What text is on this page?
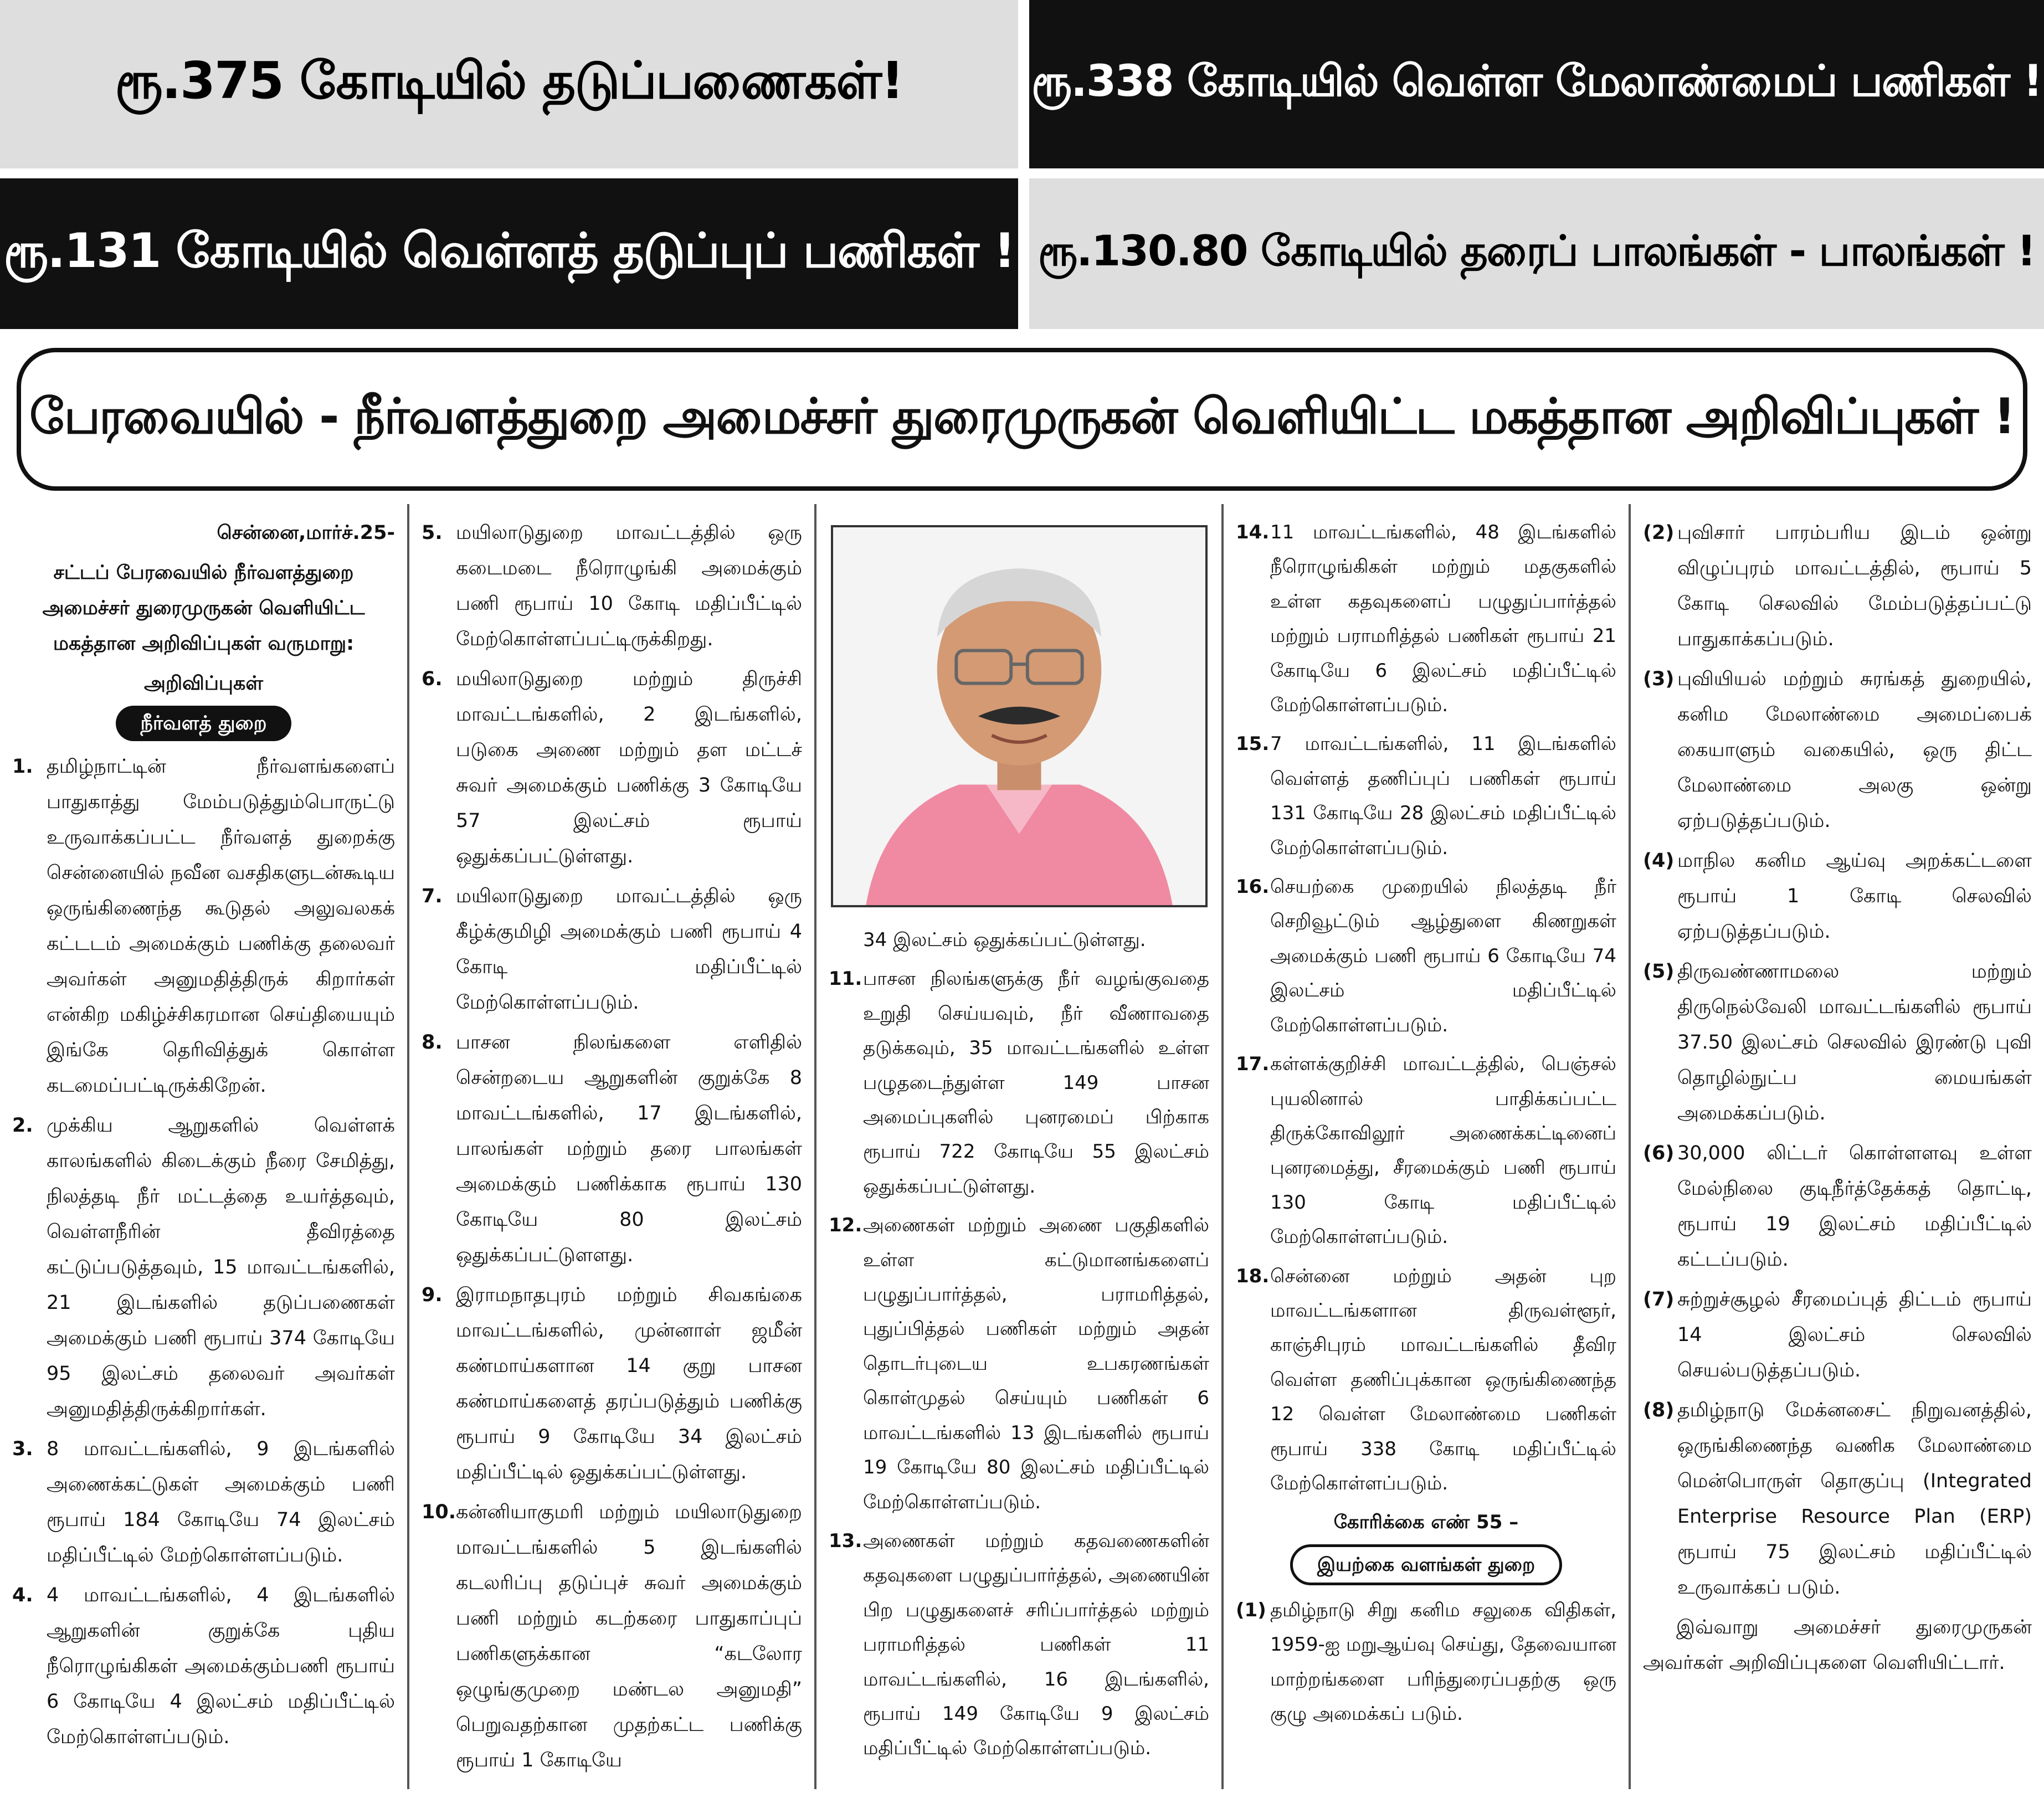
ரூ.375 கோடியில் தடுப்பணைகள்!	ரூ.338 கோடியில் வெள்ள மேலாண்மைப் பணிகள் !
ரூ.131 கோடியில் வெள்ளத் தடுப்புப் பணிகள் ! ரூ.130.80 கோடியில் தரைப் பாலங்கள் - பாலங்கள் !
பேரவையில் - நீர்வளத்துறை அமைச்சர் துரைமுருகன் வெளியிட்ட மகத்தான அறிவிப்புகள் !

சென்னை,மார்ச்.25-

சட்டப் பேரவையில் நீர்வளத்துறை அமைச்சர் துரைமுருகன் வெளியிட்ட மகத்தான அறிவிப்புகள் வருமாறு:

அறிவிப்புகள்

நீர்வளத் துறை

1. தமிழ்நாட்டின் நீர்வளங்களைப் பாதுகாத்து மேம்படுத்தும்பொருட்டு உருவாக்கப்பட்ட நீர்வளத் துறைக்கு சென்னையில் நவீன வசதிகளுடன்கூடிய ஒருங்கிணைந்த கூடுதல் அலுவலகக் கட்டடம் அமைக்கும் பணிக்கு தலைவர் அவர்கள் அனுமதித்திருக் கிறார்கள் என்கிற மகிழ்ச்சிகரமான செய்தியையும் இங்கே தெரிவித்துக் கொள்ள கடமைப்பட்டிருக்கிறேன்.

2. முக்கிய ஆறுகளில் வெள்ளக் காலங்களில் கிடைக்கும் நீரை சேமித்து, நிலத்தடி நீர் மட்டத்தை உயர்த்தவும், வெள்ளநீரின் தீவிரத்தை கட்டுப்படுத்தவும், 15 மாவட்டங்களில், 21 இடங்களில் தடுப்பணைகள் அமைக்கும் பணி ரூபாய் 374 கோடியே 95 இலட்சம் தலைவர் அவர்கள் அனுமதித்திருக்கிறார்கள்.

3. 8 மாவட்டங்களில், 9 இடங்களில் அணைக்கட்டுகள் அமைக்கும் பணி ரூபாய் 184 கோடியே 74 இலட்சம் மதிப்பீட்டில் மேற்கொள்ளப்படும்.

4. 4 மாவட்டங்களில், 4 இடங்களில் ஆறுகளின் குறுக்கே புதிய நீரொழுங்கிகள் அமைக்கும்பணி ரூபாய் 6 கோடியே 4 இலட்சம் மதிப்பீட்டில் மேற்கொள்ளப்படும்.

5. மயிலாடுதுறை மாவட்டத்தில் ஒரு கடைமடை நீரொழுங்கி அமைக்கும் பணி ரூபாய் 10 கோடி மதிப்பீட்டில் மேற்கொள்ளப்பட்டிருக்கிறது.

6. மயிலாடுதுறை மற்றும் திருச்சி மாவட்டங்களில், 2 இடங்களில், படுகை அணை மற்றும் தள மட்டச் சுவர் அமைக்கும் பணிக்கு 3 கோடியே 57 இலட்சம் ரூபாய் ஒதுக்கப்பட்டுள்ளது.

7. மயிலாடுதுறை மாவட்டத்தில் ஒரு கீழ்க்குமிழி அமைக்கும் பணி ரூபாய் 4 கோடி மதிப்பீட்டில் மேற்கொள்ளப்படும்.

8. பாசன நிலங்களை எளிதில் சென்றடைய ஆறுகளின் குறுக்கே 8 மாவட்டங்களில், 17 இடங்களில், பாலங்கள் மற்றும் தரை பாலங்கள் அமைக்கும் பணிக்காக ரூபாய் 130 கோடியே 80 இலட்சம் ஒதுக்கப்பட்டுளளது.

9. இராமநாதபுரம் மற்றும் சிவகங்கை மாவட்டங்களில், முன்னாள் ஜமீன் கண்மாய்களான 14 குறு பாசன கண்மாய்களைத் தரப்படுத்தும் பணிக்கு ரூபாய் 9 கோடியே 34 இலட்சம் மதிப்பீட்டில் ஒதுக்கப்பட்டுள்ளது.

10.கன்னியாகுமரி மற்றும் மயிலாடுதுறை மாவட்டங்களில் 5 இடங்களில் கடலரிப்பு தடுப்புச் சுவர் அமைக்கும் பணி மற்றும் கடற்கரை பாதுகாப்புப் பணிகளுக்கான “கடலோர ஒழுங்குமுறை மண்டல அனுமதி” பெறுவதற்கான முதற்கட்ட பணிக்கு ரூபாய் 1 கோடியே

34 இலட்சம் ஒதுக்கப்பட்டுள்ளது.

11.பாசன நிலங்களுக்கு நீர் வழங்குவதை உறுதி செய்யவும், நீர் வீணாவதை தடுக்கவும், 35 மாவட்டங்களில் உள்ள பழுதடைந்துள்ள 149 பாசன அமைப்புகளில் புனரமைப் பிற்காக ரூபாய் 722 கோடியே 55 இலட்சம் ஒதுக்கப்பட்டுள்ளது.

12.அணைகள் மற்றும் அணை பகுதிகளில் உள்ள கட்டுமானங்களைப் பழுதுப்பார்த்தல், பராமரித்தல், புதுப்பித்தல் பணிகள் மற்றும் அதன் தொடர்புடைய உபகரணங்கள் கொள்முதல் செய்யும் பணிகள் 6 மாவட்டங்களில் 13 இடங்களில் ரூபாய் 19 கோடியே 80 இலட்சம் மதிப்பீட்டில் மேற்கொள்ளப்படும்.

13.அணைகள் மற்றும் கதவணைகளின் கதவுகளை பழுதுப்பார்த்தல், அணையின் பிற பழுதுகளைச் சரிப்பார்த்தல் மற்றும் பராமரித்தல் பணிகள் 11 மாவட்டங்களில், 16 இடங்களில், ரூபாய் 149 கோடியே 9 இலட்சம் மதிப்பீட்டில் மேற்கொள்ளப்படும்.

14.11 மாவட்டங்களில், 48 இடங்களில் நீரொழுங்கிகள் மற்றும் மதகுகளில் உள்ள கதவுகளைப் பழுதுப்பார்த்தல் மற்றும் பராமரித்தல் பணிகள் ரூபாய் 21 கோடியே 6 இலட்சம் மதிப்பீட்டில் மேற்கொள்ளப்படும்.

15.7 மாவட்டங்களில், 11 இடங்களில் வெள்ளத் தணிப்புப் பணிகள் ரூபாய் 131 கோடியே 28 இலட்சம் மதிப்பீட்டில் மேற்கொள்ளப்படும்.

16.செயற்கை முறையில் நிலத்தடி நீர் செறிவூட்டும் ஆழ்துளை கிணறுகள் அமைக்கும் பணி ரூபாய் 6 கோடியே 74 இலட்சம் மதிப்பீட்டில் மேற்கொள்ளப்படும்.

17.கள்ளக்குறிச்சி மாவட்டத்தில், பெஞ்சல் புயலினால் பாதிக்கப்பட்ட திருக்கோவிலூர் அணைக்கட்டினைப் புனரமைத்து, சீரமைக்கும் பணி ரூபாய் 130 கோடி மதிப்பீட்டில் மேற்கொள்ளப்படும்.

18.சென்னை மற்றும் அதன் புற மாவட்டங்களான திருவள்ளூர், காஞ்சிபுரம் மாவட்டங்களில் தீவிர வெள்ள தணிப்புக்கான ஒருங்கிணைந்த 12 வெள்ள மேலாண்மை பணிகள் ரூபாய் 338 கோடி மதிப்பீட்டில் மேற்கொள்ளப்படும்.

கோரிக்கை எண் 55 –

இயற்கை வளங்கள் துறை

(1) தமிழ்நாடு சிறு கனிம சலுகை விதிகள், 1959-ஐ மறுஆய்வு செய்து, தேவையான மாற்றங்களை பரிந்துரைப்பதற்கு ஒரு குழு அமைக்கப் படும்.

(2) புவிசார் பாரம்பரிய இடம் ஒன்று விழுப்புரம் மாவட்டத்தில், ரூபாய் 5 கோடி செலவில் மேம்படுத்தப்பட்டு பாதுகாக்கப்படும்.

(3) புவியியல் மற்றும் சுரங்கத் துறையில், கனிம மேலாண்மை அமைப்பைக் கையாளும் வகையில், ஒரு திட்ட மேலாண்மை அலகு ஒன்று ஏற்படுத்தப்படும்.

(4) மாநில கனிம ஆய்வு அறக்கட்டளை ரூபாய் 1 கோடி செலவில் ஏற்படுத்தப்படும்.

(5) திருவண்ணாமலை மற்றும் திருநெல்வேலி மாவட்டங்களில் ரூபாய் 37.50 இலட்சம் செலவில் இரண்டு புவி தொழில்நுட்ப மையங்கள் அமைக்கப்படும்.

(6) 30,000 லிட்டர் கொள்ளளவு உள்ள மேல்நிலை குடிநீர்த்தேக்கத் தொட்டி, ரூபாய் 19 இலட்சம் மதிப்பீட்டில் கட்டப்படும்.

(7) சுற்றுச்சூழல் சீரமைப்புத் திட்டம் ரூபாய் 14 இலட்சம் செலவில் செயல்படுத்தப்படும்.

(8) தமிழ்நாடு மேக்னசைட் நிறுவனத்தில், ஒருங்கிணைந்த வணிக மேலாண்மை மென்பொருள் தொகுப்பு (Integrated Enterprise Resource Plan (ERP) ரூபாய் 75 இலட்சம் மதிப்பீட்டில் உருவாக்கப் படும்.

இவ்வாறு அமைச்சர் துரைமுருகன் அவர்கள் அறிவிப்புகளை வெளியிட்டார்.
